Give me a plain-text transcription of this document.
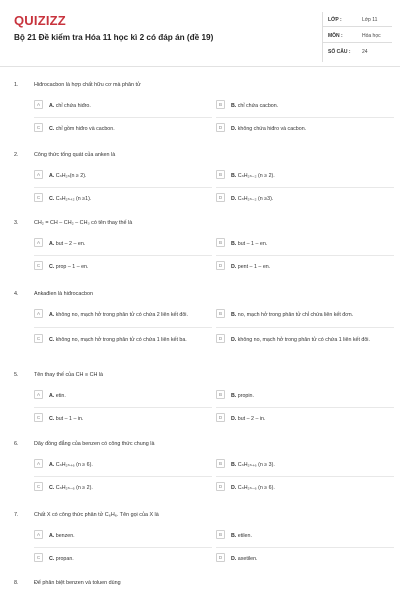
QUIZIZZ
Bộ 21 Đề kiểm tra Hóa 11 học kì 2 có đáp án (đề 19)
LỚP :	Lớp 11
MÔN :	Hóa học
SỐ CÂU : 24
1.	Hiđrocacbon là hợp chất hữu cơ mà phân tử
A	A. chỉ chứa hiđro.	B	B. chỉ chứa cacbon.
C	C. chỉ gồm hiđro và cacbon.	D	D. không chứa hiđro và cacbon.
2.	Công thức tổng quát của anken là
A	A. CₙH₂ₙ(n ≥ 2).	B	B. CₙH₂ₙ₋₂ (n ≥ 2).
C	C. CₙH₂ₙ₊₂ (n ≥1).	D	D. CₙH₂ₙ₋₂ (n ≥3).
3.	CH₂ = CH – CH₂ – CH₃ có tên thay thế là
A	A. but – 2 – en.	B	B. but – 1 – en.
C	C. prop – 1 – en.	D	D. pent – 1 – en.
4.	Ankađien là hiđrocacbon
A	A. không no, mạch hở trong phân tử có chứa 2 liên kết đôi.	B	B. no, mạch hở trong phân tử chỉ chứa liên kết đơn.
C	C. không no, mạch hở trong phân tử có chứa 1 liên kết ba.	D	D. không no, mạch hở trong phân tử có chứa 1 liên kết đôi.
5.	Tên thay thế của CH ≡ CH là
A	A. etin.	B	B. propin.
C	C. but – 1 – in.	D	D. but – 2 – in.
6.	Dãy đồng đẳng của benzen có công thức chung là
A	A. CₙH₂ₙ₊₆ (n ≥ 6).	B	B. CₙH₂ₙ₊₆ (n ≥ 3).
C	C. CₙH₂ₙ₋₆ (n ≥ 2).	D	D. CₙH₂ₙ₋₆ (n ≥ 6).
7.	Chất X có công thức phân tử C₆H₆. Tên gọi của X là
A	A. benzen.	B	B. etilen.
C	C. propan.	D	D. axetilen.
8.	Để phân biệt benzen và toluen dùng
